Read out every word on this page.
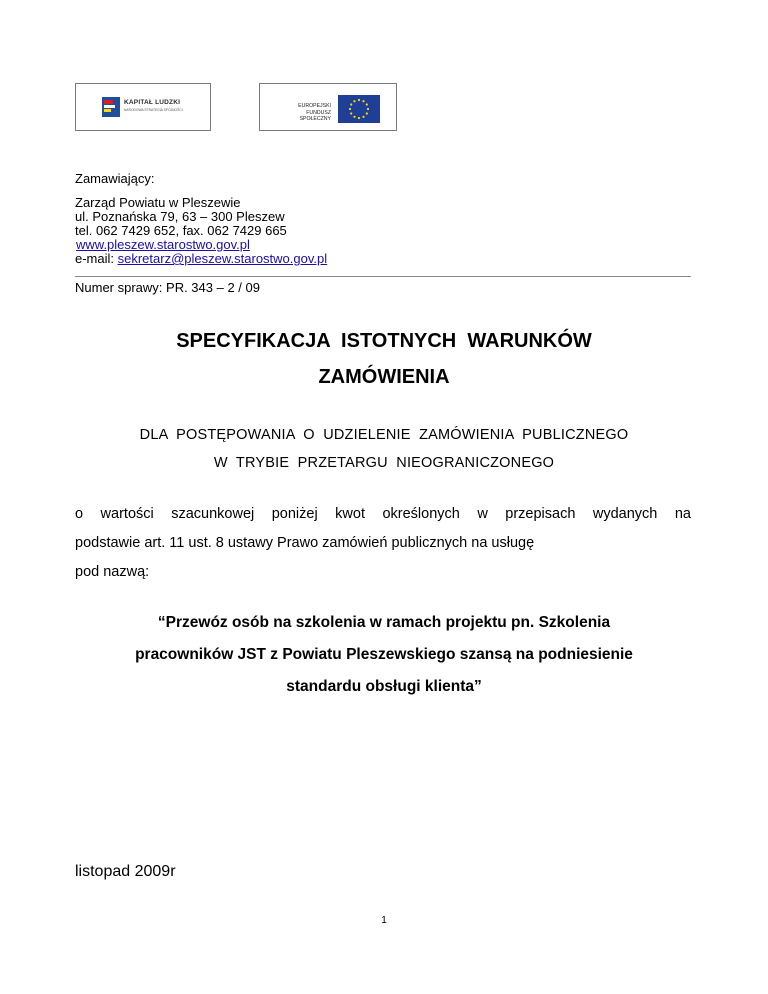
KAPITAŁ LUDZKI
NARODOWA STRATEGIA SPÓJNOŚCI
EUROPEJSKI
FUNDUSZ SPOŁECZNY
Zamawiający:
Zarząd Powiatu w Pleszewie
ul. Poznańska 79, 63 – 300 Pleszew
tel. 062 7429 652, fax. 062 7429 665
www.pleszew.starostwo.gov.pl
e-mail: sekretarz@pleszew.starostwo.gov.pl
Numer sprawy: PR. 343 – 2 / 09
SPECYFIKACJA  ISTOTNYCH  WARUNKÓW
ZAMÓWIENIA
DLA  POSTĘPOWANIA  O  UDZIELENIE  ZAMÓWIENIA  PUBLICZNEGO
W  TRYBIE  PRZETARGU  NIEOGRANICZONEGO
o wartości szacunkowej poniżej kwot określonych w przepisach wydanych na
podstawie art. 11 ust. 8 ustawy Prawo zamówień publicznych na usługę
pod nazwą:
“Przewóz osób na szkolenia w ramach projektu pn. Szkolenia
pracowników JST z Powiatu Pleszewskiego szansą na podniesienie
standardu obsługi klienta”
listopad 2009r
1
